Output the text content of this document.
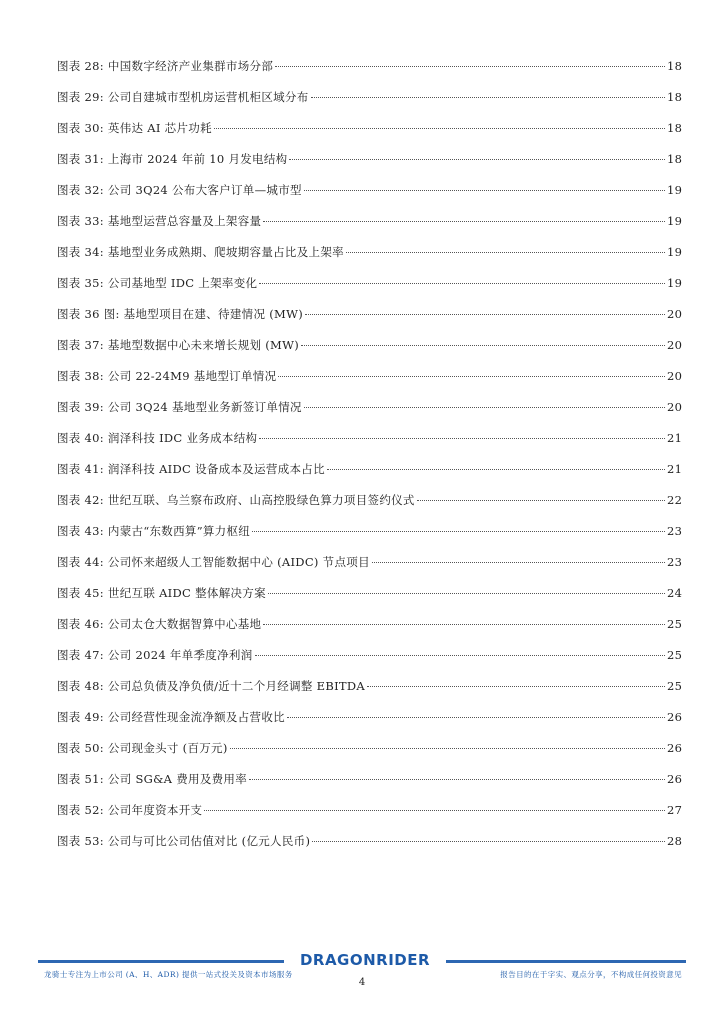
图表 28: 中国数字经济产业集群市场分部	18
图表 29: 公司自建城市型机房运营机柜区域分布	18
图表 30: 英伟达 AI 芯片功耗	18
图表 31: 上海市 2024 年前 10 月发电结构	18
图表 32: 公司 3Q24 公布大客户订单—城市型	19
图表 33: 基地型运营总容量及上架容量	19
图表 34: 基地型业务成熟期、爬坡期容量占比及上架率	19
图表 35: 公司基地型 IDC 上架率变化	19
图表 36 图: 基地型项目在建、待建情况 (MW)	20
图表 37: 基地型数据中心未来增长规划 (MW)	20
图表 38: 公司 22-24M9 基地型订单情况	20
图表 39: 公司 3Q24 基地型业务新签订单情况	20
图表 40: 润泽科技 IDC 业务成本结构	21
图表 41: 润泽科技 AIDC 设备成本及运营成本占比	21
图表 42: 世纪互联、乌兰察布政府、山高控股绿色算力项目签约仪式	22
图表 43: 内蒙古“东数西算”算力枢纽	23
图表 44: 公司怀来超级人工智能数据中心 (AIDC) 节点项目	23
图表 45: 世纪互联 AIDC 整体解决方案	24
图表 46: 公司太仓大数据智算中心基地	25
图表 47: 公司 2024 年单季度净利润	25
图表 48: 公司总负债及净负债/近十二个月经调整 EBITDA	25
图表 49: 公司经营性现金流净额及占营收比	26
图表 50: 公司现金头寸 (百万元)	26
图表 51: 公司 SG&A 费用及费用率	26
图表 52: 公司年度资本开支	27
图表 53: 公司与可比公司估值对比 (亿元人民币)	28
DRAGONRIDER
龙骑士专注为上市公司 (A、H、ADR) 提供一站式投关及资本市场服务	报告目的在于字实、观点分享，不构成任何投资意见
4
